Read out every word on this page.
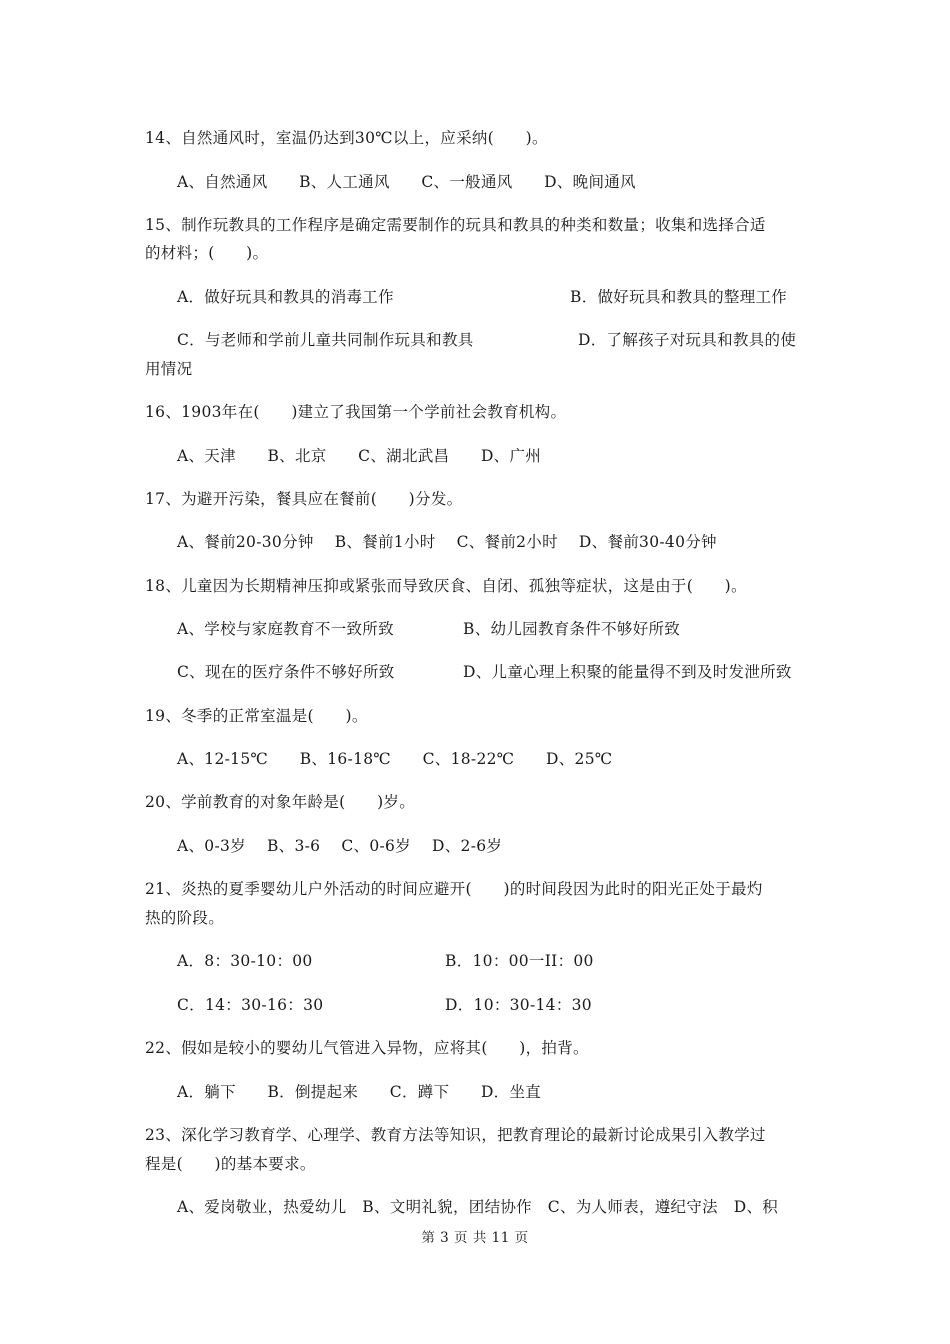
14、自然通风时，室温仍达到30℃以上，应采纳(　　)。
A、自然通风　　B、人工通风　　C、一般通风　　D、晚间通风
15、制作玩教具的工作程序是确定需要制作的玩具和教具的种类和数量；收集和选择合适
的材料；(　　)。
A．做好玩具和教具的消毒工作	B．做好玩具和教具的整理工作
C．与老师和学前儿童共同制作玩具和教具	D．了解孩子对玩具和教具的使
用情况
16、1903年在(　　)建立了我国第一个学前社会教育机构。
A、天津　　B、北京　　C、湖北武昌　　D、广州
17、为避开污染，餐具应在餐前(　　)分发。
A、餐前20-30分钟　 B、餐前1小时　 C、餐前2小时　 D、餐前30-40分钟
18、儿童因为长期精神压抑或紧张而导致厌食、自闭、孤独等症状，这是由于(　　)。
A、学校与家庭教育不一致所致	B、幼儿园教育条件不够好所致
C、现在的医疗条件不够好所致	D、儿童心理上积聚的能量得不到及时发泄所致
19、冬季的正常室温是(　　)。
A、12-15℃　　B、16-18℃　　C、18-22℃　　D、25℃
20、学前教育的对象年龄是(　　)岁。
A、0-3岁　 B、3-6　 C、0-6岁　 D、2-6岁
21、炎热的夏季婴幼儿户外活动的时间应避开(　　)的时间段因为此时的阳光正处于最灼
热的阶段。
A．8：30-10：00	B．10：00一II：00
C．14：30-16：30	D．10：30-14：30
22、假如是较小的婴幼儿气管进入异物，应将其(　　)，拍背。
A．躺下　　B．倒提起来　　C．蹲下　　D．坐直
23、深化学习教育学、心理学、教育方法等知识，把教育理论的最新讨论成果引入教学过
程是(　　)的基本要求。
A、爱岗敬业，热爱幼儿　B、文明礼貌，团结协作　C、为人师表，遵纪守法　D、积
第 3 页 共 11 页
